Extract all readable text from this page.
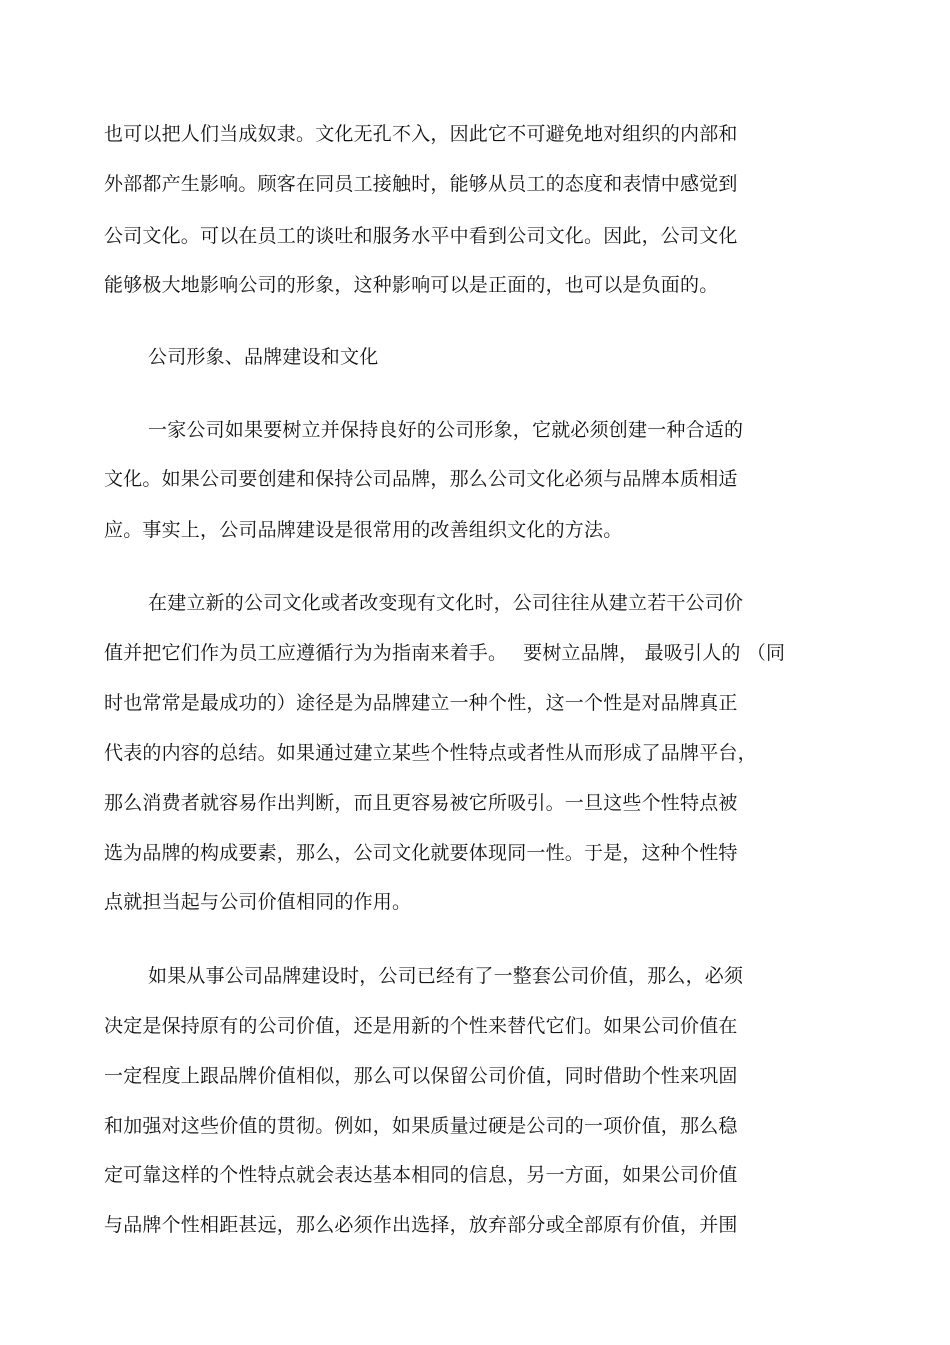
也可以把人们当成奴隶。文化无孔不入，因此它不可避免地对组织的内部和
外部都产生影响。顾客在同员工接触时，能够从员工的态度和表情中感觉到
公司文化。可以在员工的谈吐和服务水平中看到公司文化。因此，公司文化
能够极大地影响公司的形象，这种影响可以是正面的，也可以是负面的。
公司形象、品牌建设和文化
一家公司如果要树立并保持良好的公司形象，它就必须创建一种合适的
文化。如果公司要创建和保持公司品牌，那么公司文化必须与品牌本质相适
应。事实上，公司品牌建设是很常用的改善组织文化的方法。
在建立新的公司文化或者改变现有文化时，公司往往从建立若干公司价
值并把它们作为员工应遵循行为为指南来着手。　 要树立品牌， 最吸引人的 （同
时也常常是最成功的）途径是为品牌建立一种个性，这一个性是对品牌真正
代表的内容的总结。如果通过建立某些个性特点或者性从而形成了品牌平台，
那么消费者就容易作出判断，而且更容易被它所吸引。一旦这些个性特点被
选为品牌的构成要素，那么，公司文化就要体现同一性。于是，这种个性特
点就担当起与公司价值相同的作用。
如果从事公司品牌建设时，公司已经有了一整套公司价值，那么，必须
决定是保持原有的公司价值，还是用新的个性来替代它们。如果公司价值在
一定程度上跟品牌价值相似，那么可以保留公司价值，同时借助个性来巩固
和加强对这些价值的贯彻。例如，如果质量过硬是公司的一项价值，那么稳
定可靠这样的个性特点就会表达基本相同的信息，另一方面，如果公司价值
与品牌个性相距甚远，那么必须作出选择，放弃部分或全部原有价值，并围
